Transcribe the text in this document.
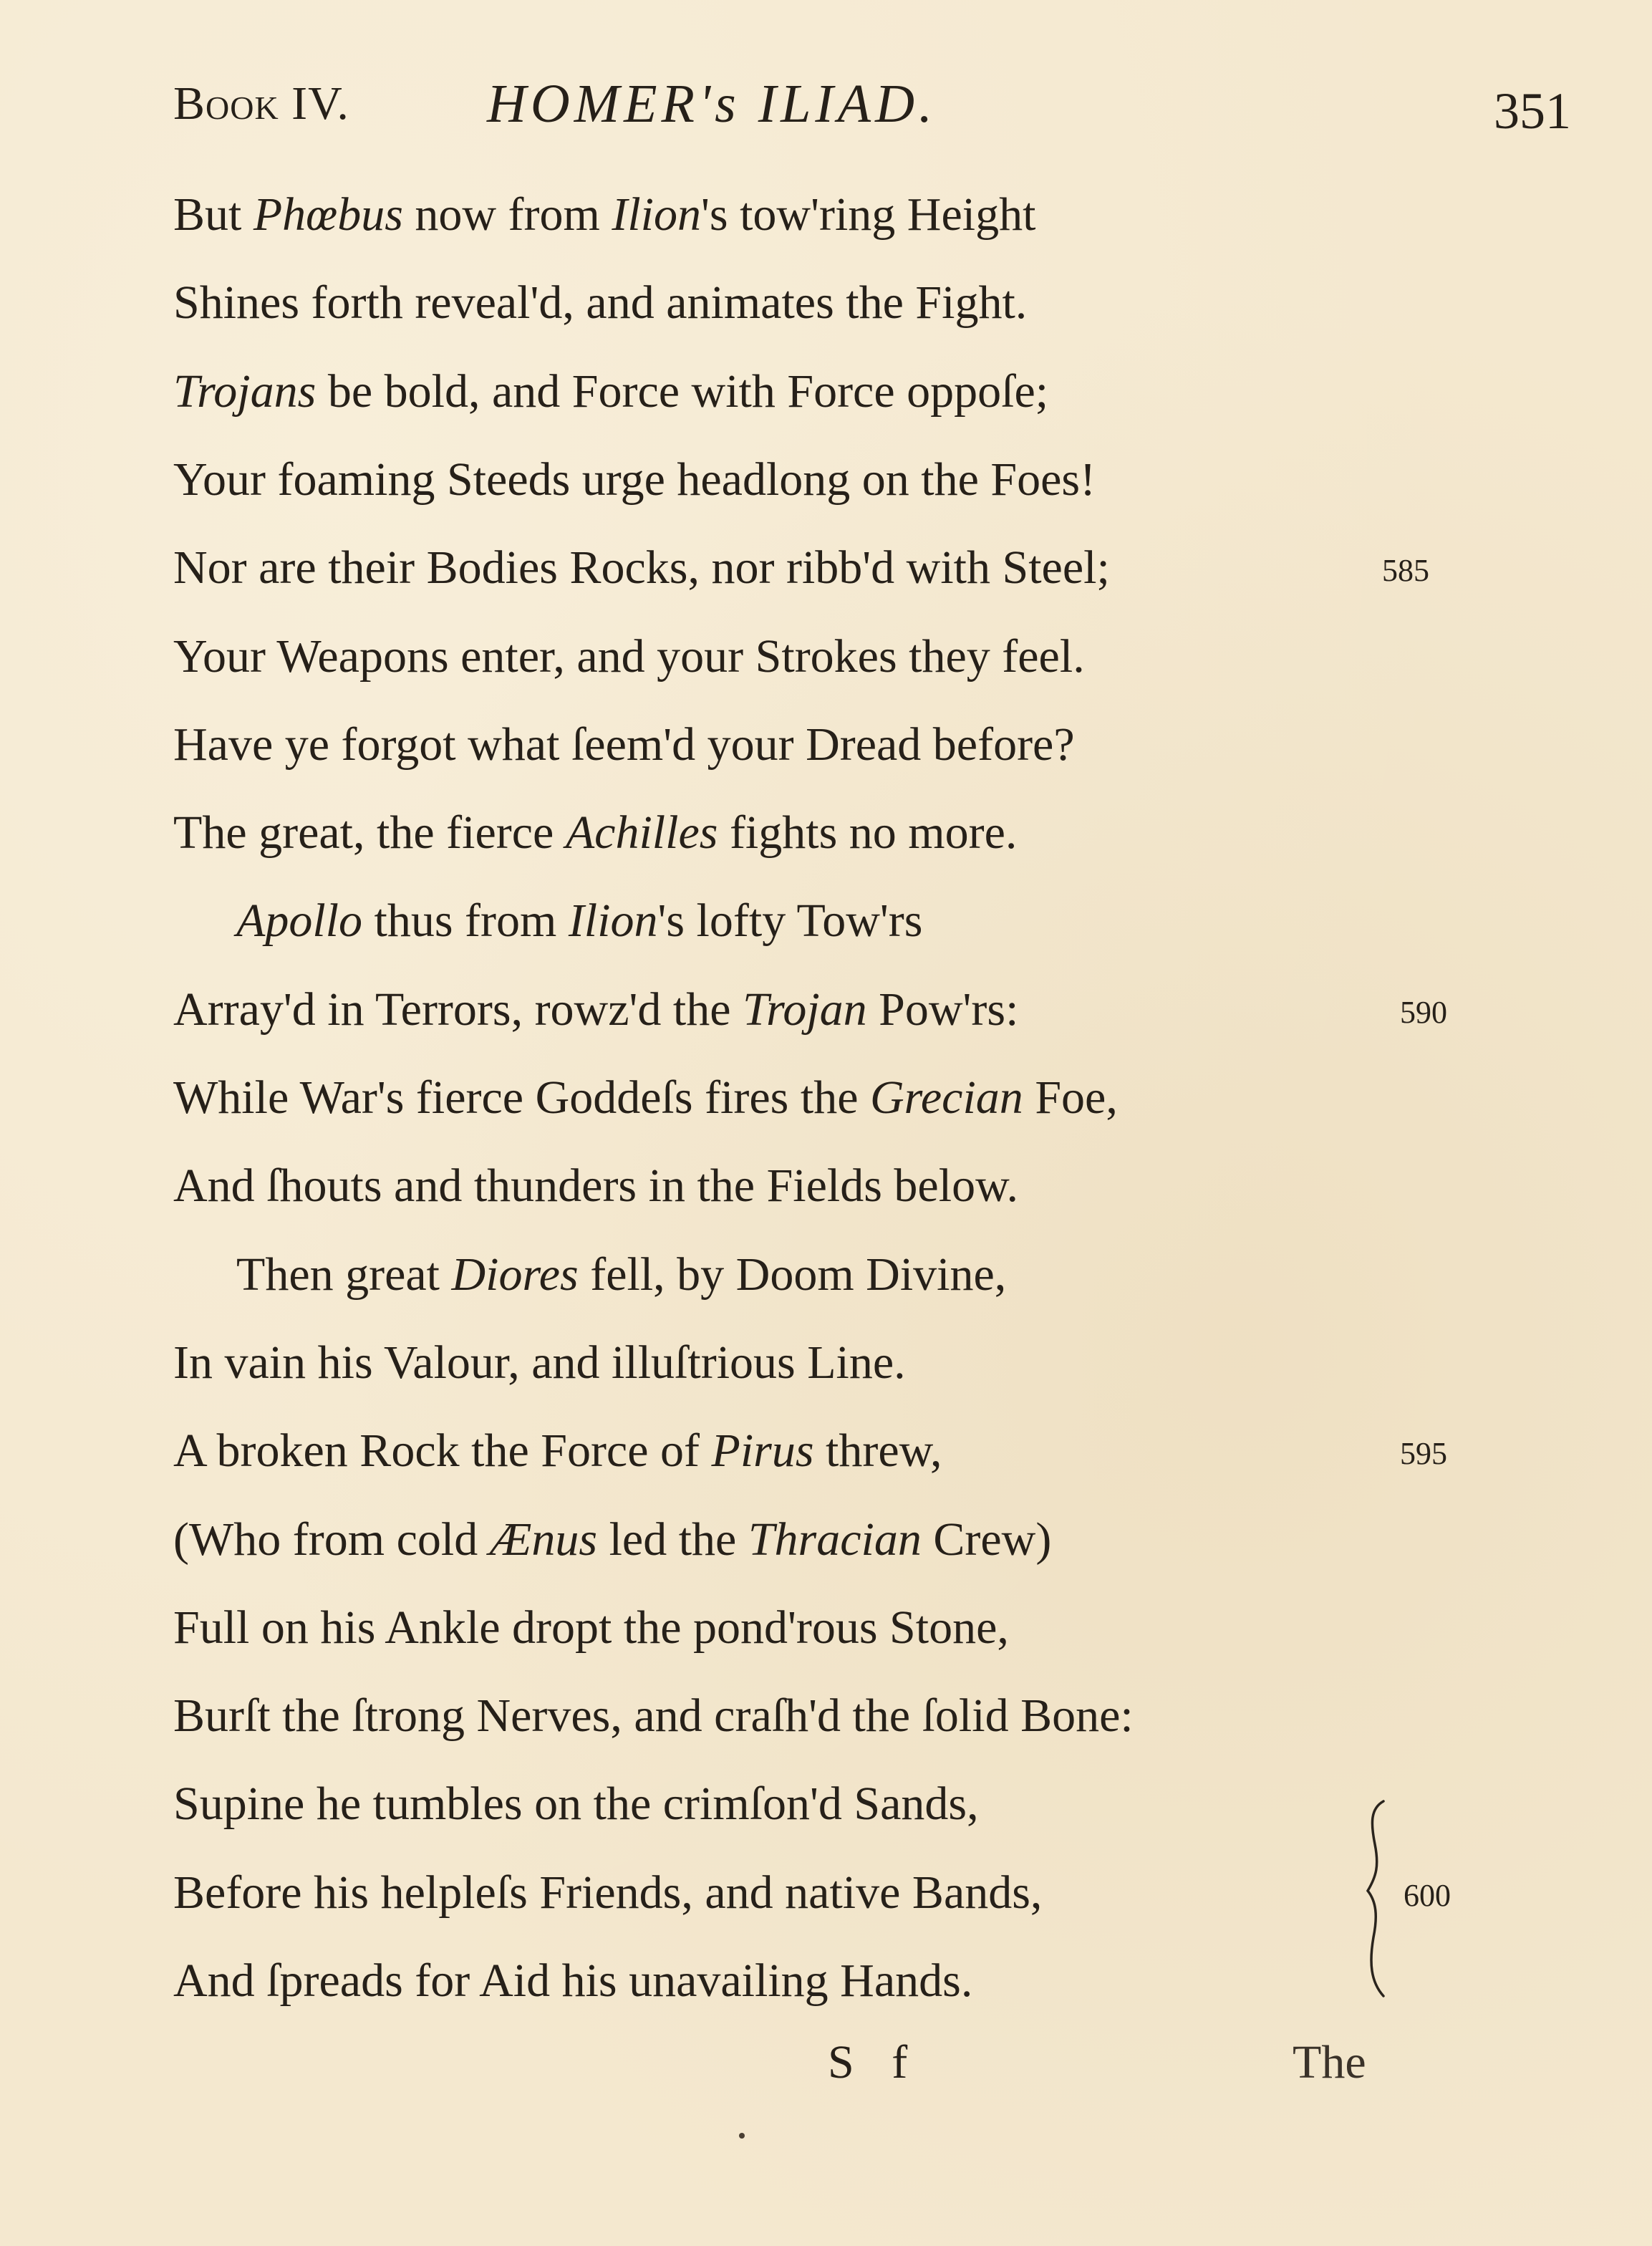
Book IV.	HOMER's ILIAD.	351
But Phœbus now from Ilion's tow'ring Height
Shines forth reveal'd, and animates the Fight.
Trojans be bold, and Force with Force oppoſe;
Your foaming Steeds urge headlong on the Foes!
Nor are their Bodies Rocks, nor ribb'd with Steel;	585
Your Weapons enter, and your Strokes they feel.
Have ye forgot what ſeem'd your Dread before?
The great, the fierce Achilles fights no more.
Apollo thus from Ilion's lofty Tow'rs
Array'd in Terrors, rowz'd the Trojan Pow'rs:	590
While War's fierce Goddeſs fires the Grecian Foe,
And ſhouts and thunders in the Fields below.
Then great Diores fell, by Doom Divine,
In vain his Valour, and illuſtrious Line.
A broken Rock the Force of Pirus threw,	595
(Who from cold Ænus led the Thracian Crew)
Full on his Ankle dropt the pond'rous Stone,
Burſt the ſtrong Nerves, and craſh'd the ſolid Bone:
Supine he tumbles on the crimſon'd Sands,
Before his helpleſs Friends, and native Bands,	600
And ſpreads for Aid his unavailing Hands.
S f	The
